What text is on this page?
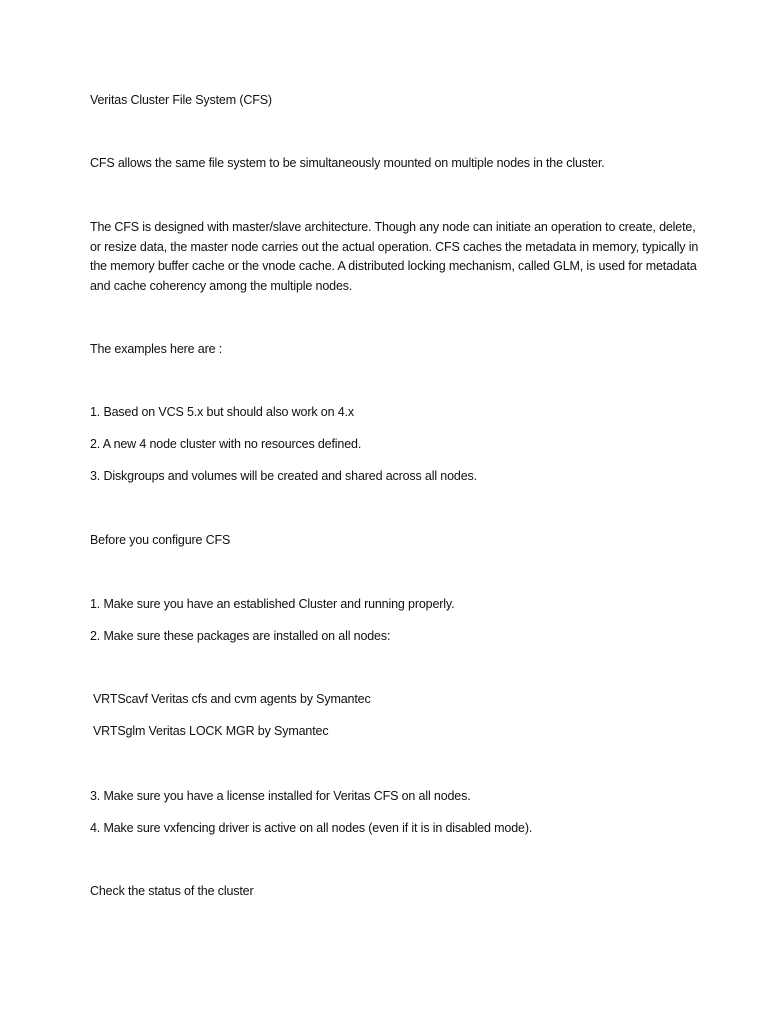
Veritas Cluster File System (CFS)
CFS allows the same file system to be simultaneously mounted on multiple nodes in the cluster.
The CFS is designed with master/slave architecture. Though any node can initiate an operation to create, delete, or resize data, the master node carries out the actual operation. CFS caches the metadata in memory, typically in the memory buffer cache or the vnode cache. A distributed locking mechanism, called GLM, is used for metadata and cache coherency among the multiple nodes.
The examples here are :
1. Based on VCS 5.x but should also work on 4.x
2. A new 4 node cluster with no resources defined.
3. Diskgroups and volumes will be created and shared across all nodes.
Before you configure CFS
1. Make sure you have an established Cluster and running properly.
2. Make sure these packages are installed on all nodes:
VRTScavf Veritas cfs and cvm agents by Symantec
VRTSglm Veritas LOCK MGR by Symantec
3. Make sure you have a license installed for Veritas CFS on all nodes.
4. Make sure vxfencing driver is active on all nodes (even if it is in disabled mode).
Check the status of the cluster
